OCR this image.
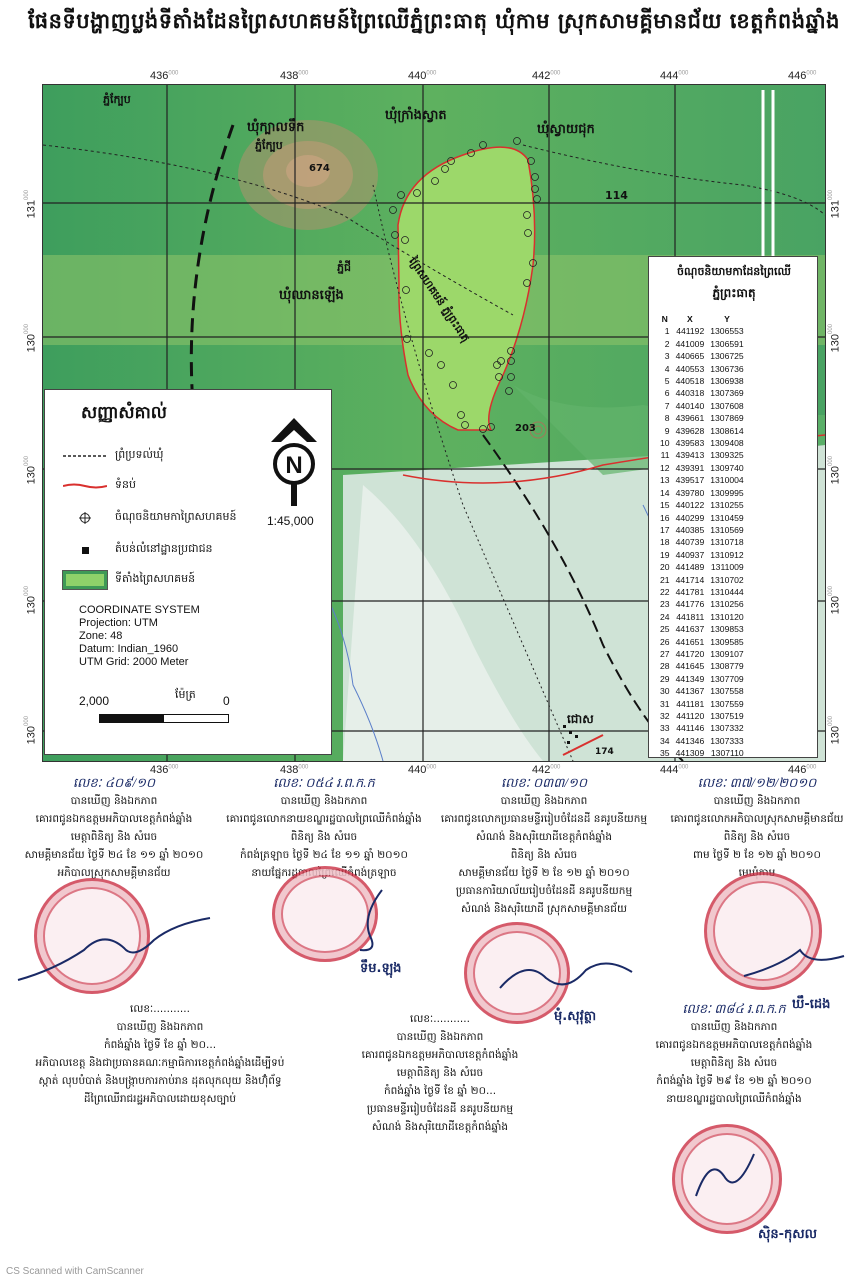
ផែនទីបង្ហាញប្លង់ទីតាំងដែនព្រៃសហគមន៍ព្រៃឈើភ្នំព្រះធាតុ ឃុំកាម ស្រុកសាមគ្គីមានជ័យ ខេត្តកំពង់ឆ្នាំង
$436^{000}$	$438^{000}$	$440^{000}$	$442^{000}$	$444^{000}$	$446^{000}$
$436^{000}$	$438^{000}$	$440^{000}$	$442^{000}$	$444^{000}$	$446^{000}$
$131^{000}$
$130^{000}$
$130^{000}$
$130^{000}$
$130^{000}$
$131^{000}$
$130^{000}$
$130^{000}$
$130^{000}$
$130^{000}$
ឃុំក្បាលទឹក
ឃុំក្រាំងស្វាត
ឃុំស្វាយជុក
ឃុំឈានឡើង
ភ្នំក្បែប
ភ្នំក្បែប
ភ្នំជី
674
203
114
ព្រៃសហគមន៍ ភ្នំព្រះធាតុ
ជោស
174
សញ្ញាសំគាល់
N
1:45,000
ព្រំប្រទល់ឃុំ
ទំនប់
ចំណុចនិយាមកាព្រៃសហគមន៍
តំបន់លំនៅដ្ឋានប្រជាជន
ទីតាំងព្រៃសហគមន៍
COORDINATE SYSTEM
Projection: UTM
Zone: 48
Datum: Indian_1960
UTM Grid: 2000 Meter
2,000	ម៉ែត្រ 0
ចំណុចនិយាមកាដែនព្រៃឈើ
ភ្នំព្រះធាតុ
N	X	Y
1	441192	1306553
2	441009	1306591
3	440665	1306725
4	440553	1306736
5	440518	1306938
6	440318	1307369
7	440140	1307608
8	439661	1307869
9	439628	1308614
10	439583	1309408
11	439413	1309325
12	439391	1309740
13	439517	1310004
14	439780	1309995
15	440122	1310255
16	440299	1310459
17	440385	1310569
18	440739	1310718
19	440937	1310912
20	441489	1311009
21	441714	1310702
22	441781	1310444
23	441776	1310256
24	441811	1310120
25	441637	1309853
26	441651	1309585
27	441720	1309107
28	441645	1308779
29	441349	1307709
30	441367	1307558
31	441181	1307559
32	441120	1307519
33	441146	1307332
34	441346	1307333
35	441309	1307110
លេខៈ ៤០៩/១០
បានឃើញ និងឯកភាព
គោរពជូនឯកឧត្តមអភិបាលខេត្តកំពង់ឆ្នាំង
មេត្តាពិនិត្យ និង សំរេច
សាមគ្គីមានជ័យ ថ្ងៃទី ២៤ ខែ ១១ ឆ្នាំ ២០១០
អភិបាលស្រុកសាមគ្គីមានជ័យ
លេខៈ ០៥៤ រ.ព.ក.ក
បានឃើញ និងឯកភាព
គោរពជូនលោកនាយខណ្ឌរដ្ឋបាលព្រៃឈើកំពង់ឆ្នាំង
ពិនិត្យ និង សំរេច
កំពង់ត្រឡាច ថ្ងៃទី ២៤ ខែ ១១ ឆ្នាំ ២០១០
នាយផ្នែករដ្ឋបាលព្រៃឈើកំពង់ត្រឡាច
លេខៈ ០៣៣/១០
បានឃើញ និងឯកភាព
គោរពជូនលោកប្រធានមន្ទីររៀបចំដែនដី នគរូបនីយកម្ម
សំណង់ និងសុរិយោដីខេត្តកំពង់ឆ្នាំង
ពិនិត្យ និង សំរេច
សាមគ្គីមានជ័យ ថ្ងៃទី ២ ខែ ១២ ឆ្នាំ ២០១០
ប្រធានការិយាល័យរៀបចំដែនដី នគរូបនីយកម្ម
សំណង់ និងសុរិយោដី ស្រុកសាមគ្គីមានជ័យ
លេខៈ ៣៧/១២/២០១០
បានឃើញ និងឯកភាព
គោរពជូនលោកអភិបាលស្រុកសាមគ្គីមានជ័យ
ពិនិត្យ និង សំរេច
ពាម ថ្ងៃទី ២ ខែ ១២ ឆ្នាំ ២០១០
មេឃុំកាម
ទឹម.ឡុង
មុំ.សុវុត្ថា
លេខៈ...........
បានឃើញ និងឯកភាព
កំពង់ឆ្នាំង ថ្ងៃទី ខែ ឆ្នាំ ២០...
អភិបាលខេត្ត និងជាប្រធានគណៈកម្មាធិការខេត្តកំពង់ឆ្នាំងដើម្បីទប់
ស្កាត់ លុបបំបាត់ និងបង្ក្រាបការកាប់រាន ដុតលុកលុយ និងហ៊ុំព័ទ្ធ
ដីព្រៃឈើរាជរដ្ឋអភិបាលដោយខុសច្បាប់
លេខៈ...........
បានឃើញ និងឯកភាព
គោរពជូនឯកឧត្តមអភិបាលខេត្តកំពង់ឆ្នាំង
មេត្តាពិនិត្យ និង សំរេច
កំពង់ឆ្នាំង ថ្ងៃទី ខែ ឆ្នាំ ២០...
ប្រធានមន្ទីររៀបចំដែនដី នគរូបនីយកម្ម
សំណង់ និងសុរិយោដីខេត្តកំពង់ឆ្នាំង
លេខៈ ៣៨៤ រ.ព.ក.ក
បានឃើញ និងឯកភាព
គោរពជូនឯកឧត្តមអភិបាលខេត្តកំពង់ឆ្នាំង
មេត្តាពិនិត្យ និង សំរេច
កំពង់ឆ្នាំង ថ្ងៃទី ២៩ ខែ ១២ ឆ្នាំ ២០១០
នាយខណ្ឌរដ្ឋបាលព្រៃឈើកំពង់ឆ្នាំង
ឃឹ-ដេង
ស៊ិន-កុសល
CS Scanned with CamScanner
